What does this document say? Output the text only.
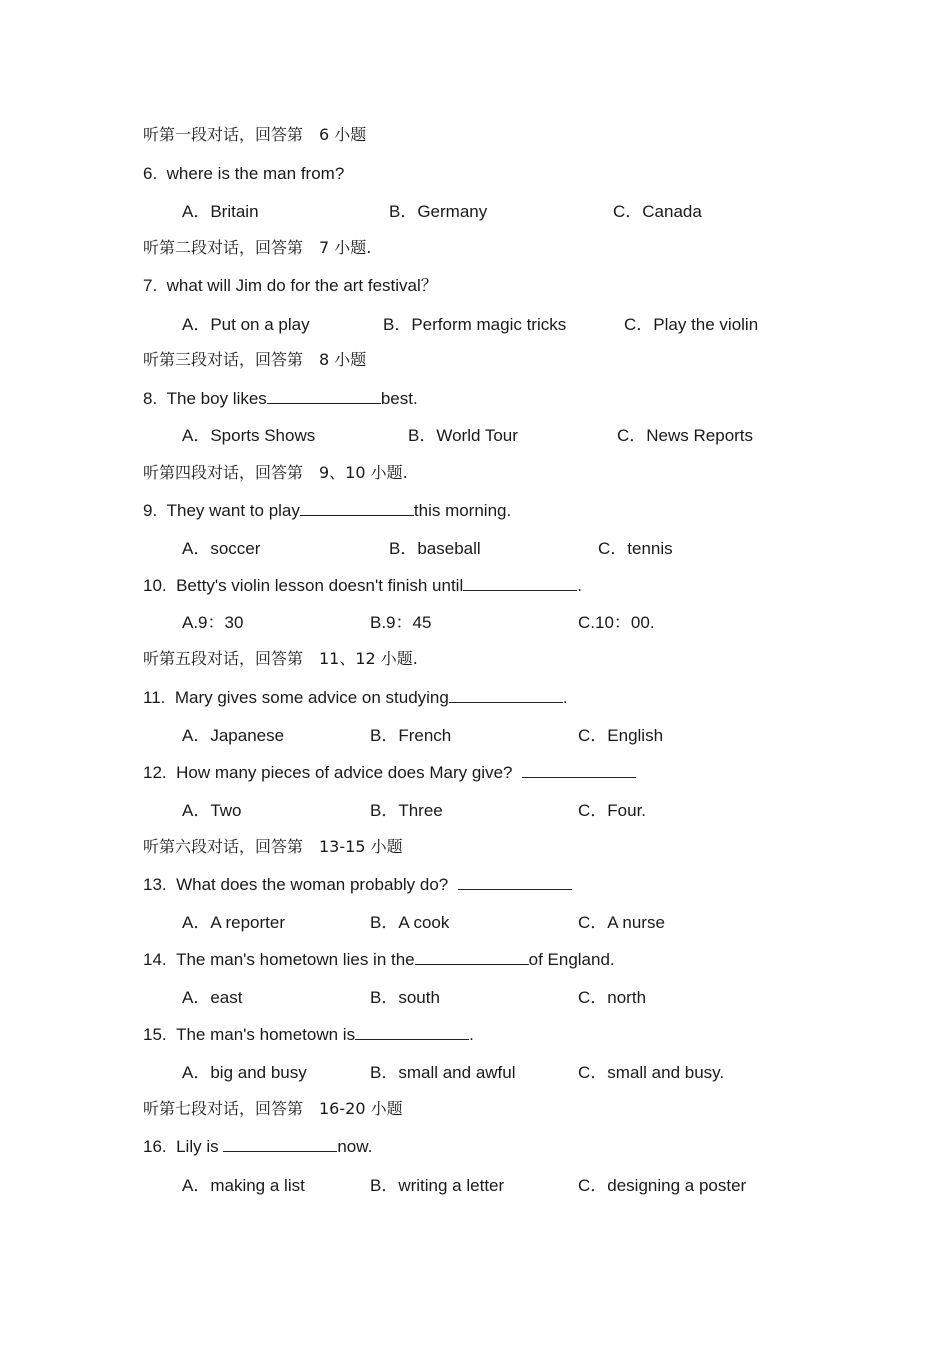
听第一段对话，回答第　6 小题
6. where is the man from?
A．Britain	B．Germany	C．Canada
听第二段对话，回答第　7 小题.
7. what will Jim do for the art festival？
A．Put on a play	B．Perform magic tricks	C．Play the violin
听第三段对话，回答第　8 小题
8. The boy likes	best.
A．Sports Shows	B．World Tour	C．News Reports
听第四段对话，回答第　9、10 小题.
9. They want to play	this morning.
A．soccer	B．baseball	C．tennis
10. Betty's violin lesson doesn't finish until	.
A.9：30	B.9：45	C.10：00.
听第五段对话，回答第　11、12 小题.
11. Mary gives some advice on studying	.
A．Japanese	B．French	C．English
12. How many pieces of advice does Mary give?
A．Two	B．Three	C．Four.
听第六段对话，回答第　13-15 小题
13. What does the woman probably do?
A．A reporter	B．A cook	C．A nurse
14. The man's hometown lies in the	of England.
A．east	B．south	C．north
15. The man's hometown is	.
A．big and busy	B．small and awful	C．small and busy.
听第七段对话，回答第　16-20 小题
16. Lily is	now.
A．making a list	B．writing a letter	C．designing a poster
